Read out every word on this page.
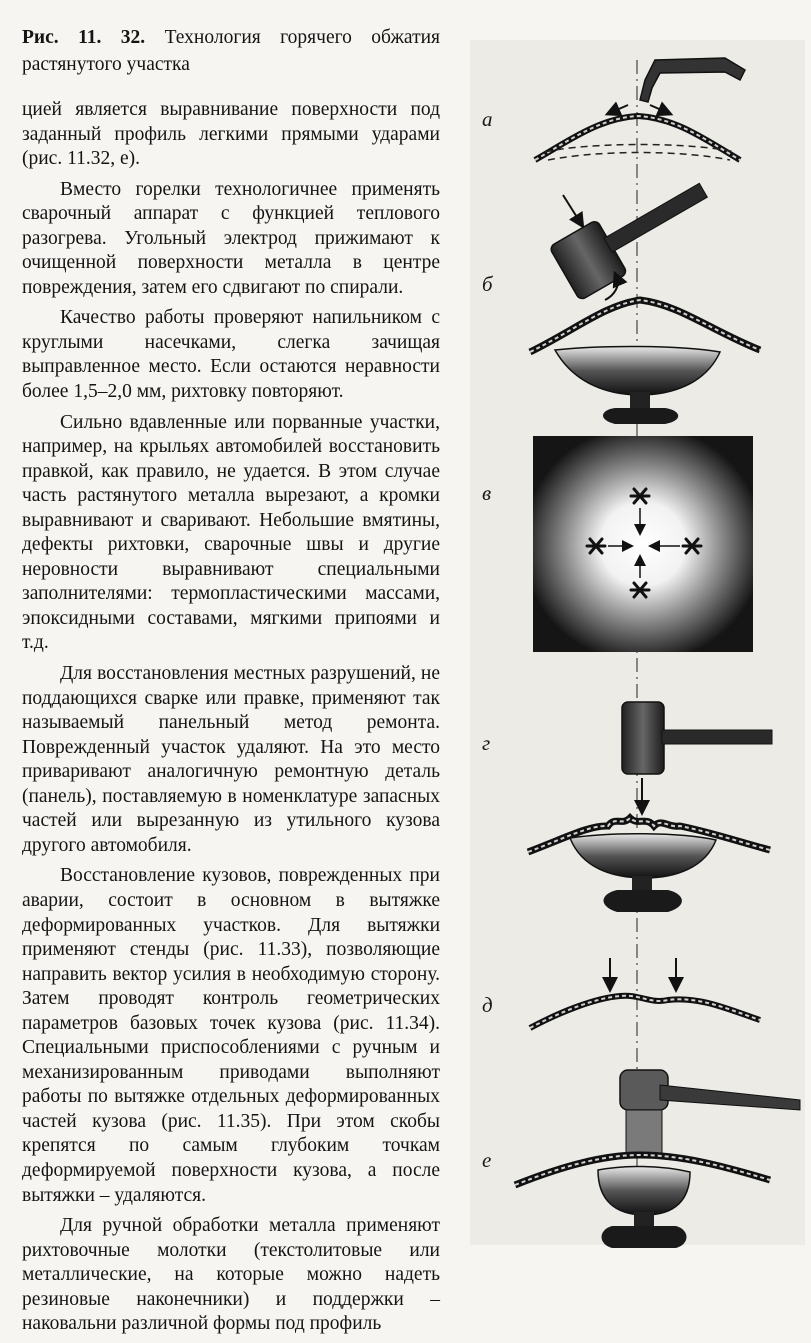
Рис. 11. 32. Технология горячего обжатия растянутого участка

цией является выравнивание поверхности под заданный профиль легкими прямыми ударами (рис. 11.32, е).

Вместо горелки технологичнее применять сварочный аппарат с функцией теплового разогрева. Угольный электрод прижимают к очищенной поверхности металла в центре повреждения, затем его сдвигают по спирали.

Качество работы проверяют напильником с круглыми насечками, слегка зачищая выправленное место. Если остаются неравности более 1,5–2,0 мм, рихтовку повторяют.

Сильно вдавленные или порванные участки, например, на крыльях автомобилей восстановить правкой, как правило, не удается. В этом случае часть растянутого металла вырезают, а кромки выравнивают и сваривают. Небольшие вмятины, дефекты рихтовки, сварочные швы и другие неровности выравнивают специальными заполнителями: термопластическими массами, эпоксидными составами, мягкими припоями и т.д.

Для восстановления местных разрушений, не поддающихся сварке или правке, применяют так называемый панельный метод ремонта. Поврежденный участок удаляют. На это место приваривают аналогичную ремонтную деталь (панель), поставляемую в номенклатуре запасных частей или вырезанную из утильного кузова другого автомобиля.

Восстановление кузовов, поврежденных при аварии, состоит в основном в вытяжке деформированных участков. Для вытяжки применяют стенды (рис. 11.33), позволяющие направить вектор усилия в необходимую сторону. Затем проводят контроль геометрических параметров базовых точек кузова (рис. 11.34). Специальными приспособлениями с ручным и механизированным приводами выполняют работы по вытяжке отдельных деформированных частей кузова (рис. 11.35). При этом скобы крепятся по самым глубоким точкам деформируемой поверхности кузова, а после вытяжки – удаляются.

Для ручной обработки металла применяют рихтовочные молотки (текстолитовые или металлические, на которые можно надеть резиновые наконечники) и поддержки – наковальни различной формы под профиль

а
б
в
г
д
е
